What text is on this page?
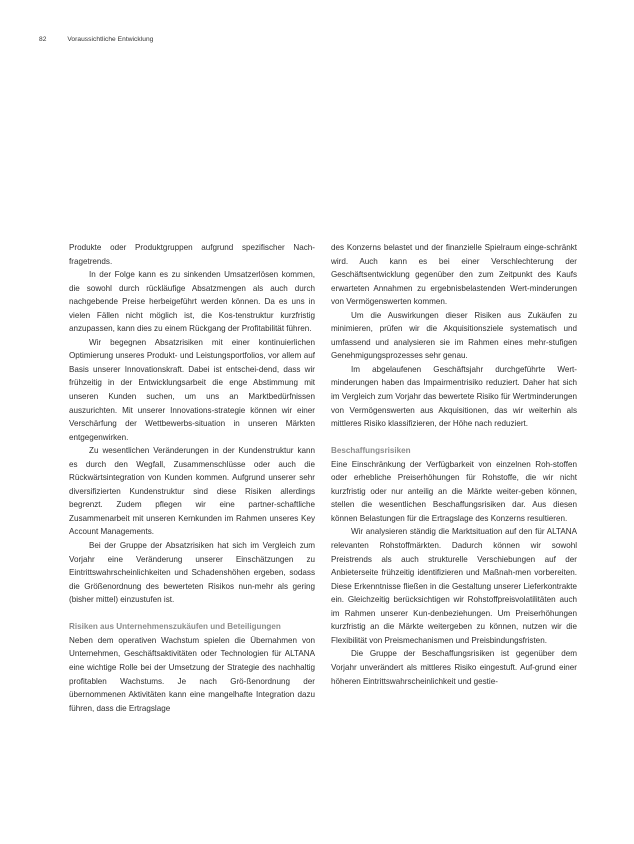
82	Voraussichtliche Entwicklung

Produkte oder Produktgruppen aufgrund spezifischer Nach-fragetrends.

In der Folge kann es zu sinkenden Umsatzerlösen kommen, die sowohl durch rückläufige Absatzmengen als auch durch nachgebende Preise herbeigeführt werden können. Da es uns in vielen Fällen nicht möglich ist, die Kos-tenstruktur kurzfristig anzupassen, kann dies zu einem Rückgang der Profitabilität führen.

Wir begegnen Absatzrisiken mit einer kontinuierlichen Optimierung unseres Produkt- und Leistungsportfolios, vor allem auf Basis unserer Innovationskraft. Dabei ist entschei-dend, dass wir frühzeitig in der Entwicklungsarbeit die enge Abstimmung mit unseren Kunden suchen, um uns an Marktbedürfnissen auszurichten. Mit unserer Innovations-strategie können wir einer Verschärfung der Wettbewerbs-situation in unseren Märkten entgegenwirken.

Zu wesentlichen Veränderungen in der Kundenstruktur kann es durch den Wegfall, Zusammenschlüsse oder auch die Rückwärtsintegration von Kunden kommen. Aufgrund unserer sehr diversifizierten Kundenstruktur sind diese Risiken allerdings begrenzt. Zudem pflegen wir eine partner-schaftliche Zusammenarbeit mit unseren Kernkunden im Rahmen unseres Key Account Managements.

Bei der Gruppe der Absatzrisiken hat sich im Vergleich zum Vorjahr eine Veränderung unserer Einschätzungen zu Eintrittswahrscheinlichkeiten und Schadenshöhen ergeben, sodass die Größenordnung des bewerteten Risikos nun-mehr als gering (bisher mittel) einzustufen ist.

Risiken aus Unternehmenszukäufen und Beteiligungen

Neben dem operativen Wachstum spielen die Übernahmen von Unternehmen, Geschäftsaktivitäten oder Technologien für ALTANA eine wichtige Rolle bei der Umsetzung der Strategie des nachhaltig profitablen Wachstums. Je nach Grö-ßenordnung der übernommenen Aktivitäten kann eine mangelhafte Integration dazu führen, dass die Ertragslage

des Konzerns belastet und der finanzielle Spielraum einge-schränkt wird. Auch kann es bei einer Verschlechterung der Geschäftsentwicklung gegenüber den zum Zeitpunkt des Kaufs erwarteten Annahmen zu ergebnisbelastenden Wert-minderungen von Vermögenswerten kommen.

Um die Auswirkungen dieser Risiken aus Zukäufen zu minimieren, prüfen wir die Akquisitionsziele systematisch und umfassend und analysieren sie im Rahmen eines mehr-stufigen Genehmigungsprozesses sehr genau.

Im abgelaufenen Geschäftsjahr durchgeführte Wert-minderungen haben das Impairmentrisiko reduziert. Daher hat sich im Vergleich zum Vorjahr das bewertete Risiko für Wertminderungen von Vermögenswerten aus Akquisitionen, das wir weiterhin als mittleres Risiko klassifizieren, der Höhe nach reduziert.

Beschaffungsrisiken

Eine Einschränkung der Verfügbarkeit von einzelnen Roh-stoffen oder erhebliche Preiserhöhungen für Rohstoffe, die wir nicht kurzfristig oder nur anteilig an die Märkte weiter-geben können, stellen die wesentlichen Beschaffungsrisiken dar. Aus diesen können Belastungen für die Ertragslage des Konzerns resultieren.

Wir analysieren ständig die Marktsituation auf den für ALTANA relevanten Rohstoffmärkten. Dadurch können wir sowohl Preistrends als auch strukturelle Verschiebungen auf der Anbieterseite frühzeitig identifizieren und Maßnah-men vorbereiten. Diese Erkenntnisse fließen in die Gestaltung unserer Lieferkontrakte ein. Gleichzeitig berücksichtigen wir Rohstoffpreisvolatilitäten auch im Rahmen unserer Kun-denbeziehungen. Um Preiserhöhungen kurzfristig an die Märkte weitergeben zu können, nutzen wir die Flexibilität von Preismechanismen und Preisbindungsfristen.

Die Gruppe der Beschaffungsrisiken ist gegenüber dem Vorjahr unverändert als mittleres Risiko eingestuft. Auf-grund einer höheren Eintrittswahrscheinlichkeit und gestie-
